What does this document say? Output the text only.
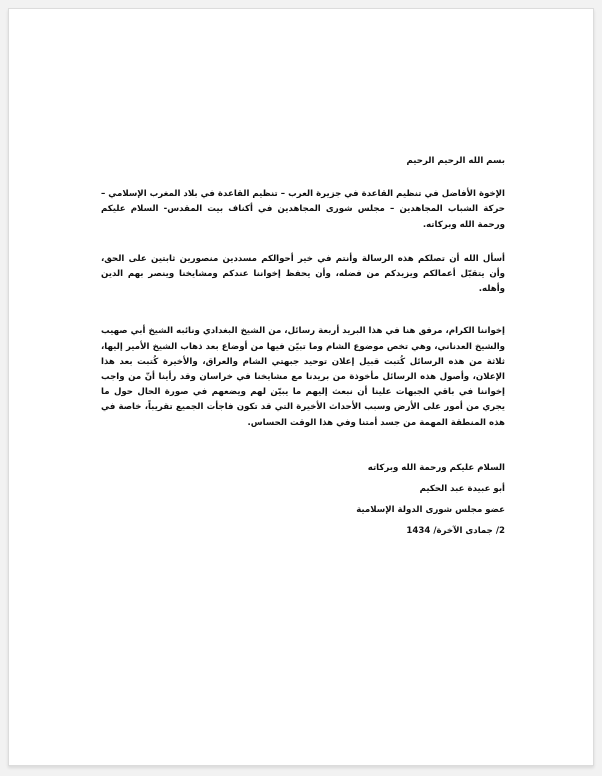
بسم الله الرحيم الرحيم

الإخوة الأفاضل في تنظيم القاعدة في جزيرة العرب – تنظيم القاعدة في بلاد المغرب الإسلامي – حركة الشباب المجاهدين – مجلس شورى المجاهدين في أكناف بيت المقدس- السلام عليكم ورحمة الله وبركاته.

أسأل الله أن تصلكم هذه الرسالة وأنتم في خير أحوالكم مسددين منصورين ثابتين على الحق، وأن يتقبّل أعمالكم ويزيدكم من فضله، وأن يحفظ إخواننا عندكم ومشايخنا وينصر بهم الدين وأهله.

إخواننا الكرام، مرفق هنا في هذا البريد أربعة رسائل، من الشيخ البغدادي ونائبه الشيخ أبي صهيب والشيخ العدناني، وهي تخص موضوع الشام وما تبيّن فيها من أوضاع بعد ذهاب الشيخ الأمير إليها، ثلاثة من هذه الرسائل كُتبت قبيل إعلان توحيد جبهتي الشام والعراق، والأخيرة كُتبت بعد هذا الإعلان، وأصول هذه الرسائل مأخوذة من بريدنا مع مشايخنا في خراسان وقد رأينا أنّ من واجب إخواننا في باقي الجبهات علينا أن نبعث إليهم ما يبيّن لهم ويضعهم في صورة الحال حول ما يجري من أمور على الأرض وسبب الأحداث الأخيرة التي قد تكون فاجأت الجميع تقريباً، خاصة في هذه المنطقة المهمة من جسد أمتنا وفي هذا الوقت الحساس.

السلام عليكم ورحمة الله وبركاته

أبو عبيدة عبد الحكيم

عضو مجلس شورى الدولة الإسلامية

2/ جمادى الآخرة/ 1434
